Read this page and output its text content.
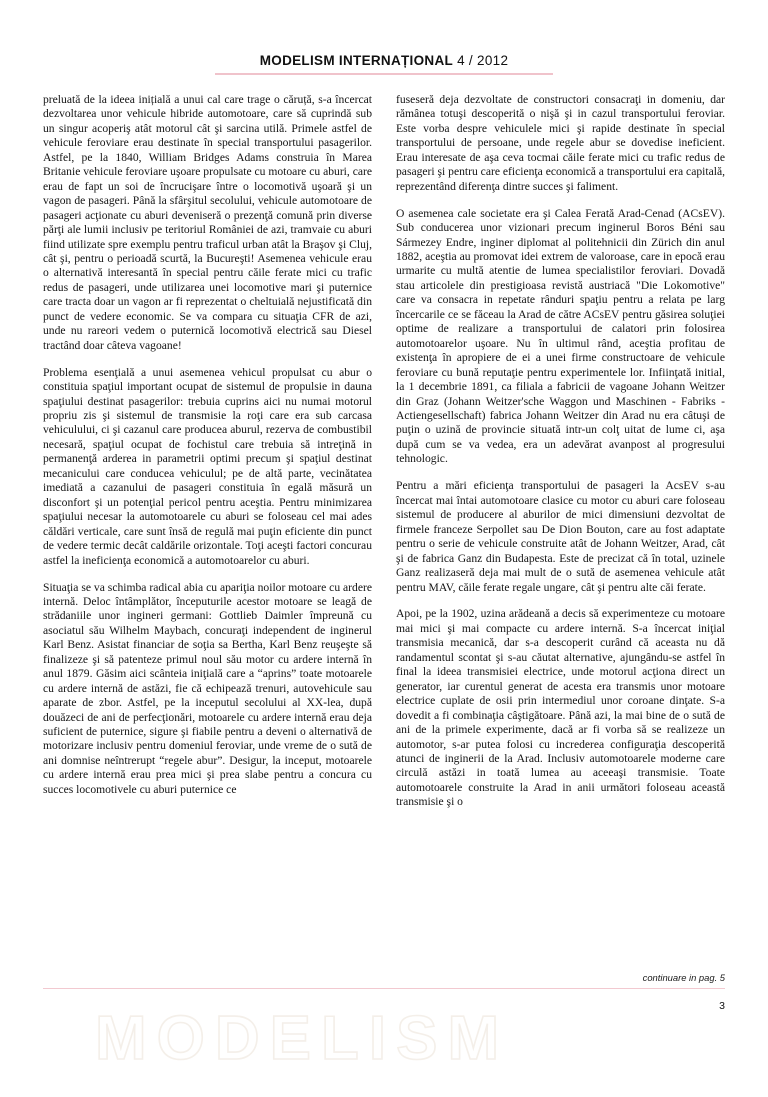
MODELISM
MODELISM INTERNAȚIONAL 4 / 2012

preluată de la ideea inițială a unui cal care trage o căruță, s-a încercat dezvoltarea unor vehicule hibride automotoare, care să cuprindă sub un singur acoperiş atât motorul cât şi sarcina utilă. Primele astfel de vehicule feroviare erau destinate în special transportului pasagerilor. Astfel, pe la 1840, William Bridges Adams construia în Marea Britanie vehicule feroviare uşoare propulsate cu motoare cu aburi, care erau de fapt un soi de încrucişare între o locomotivă uşoară şi un vagon de pasageri. Până la sfârşitul secolului, vehicule automotoare de pasageri acţionate cu aburi deveniseră o prezenţă comună prin diverse părţi ale lumii inclusiv pe teritoriul României de azi, tramvaie cu aburi fiind utilizate spre exemplu pentru traficul urban atât la Braşov şi Cluj, cât şi, pentru o perioadă scurtă, la Bucureşti! Asemenea vehicule erau o alternativă interesantă în special pentru căile ferate mici cu trafic redus de pasageri, unde utilizarea unei locomotive mari şi puternice care tracta doar un vagon ar fi reprezentat o cheltuială nejustificată din punct de vedere economic. Se va compara cu situaţia CFR de azi, unde nu rareori vedem o puternică locomotivă electrică sau Diesel tractând doar câteva vagoane!

Problema esenţială a unui asemenea vehicul propulsat cu abur o constituia spaţiul important ocupat de sistemul de propulsie in dauna spaţiului destinat pasagerilor: trebuia cuprins aici nu numai motorul propriu zis şi sistemul de transmisie la roţi care era sub carcasa vehiculului, ci şi cazanul care producea aburul, rezerva de combustibil necesară, spaţiul ocupat de fochistul care trebuia să intreţină in permanenţă arderea in parametrii optimi precum şi spaţiul destinat mecanicului care conducea vehiculul; pe de altă parte, vecinătatea imediată a cazanului de pasageri constituia în egală măsură un disconfort şi un potenţial pericol pentru aceştia. Pentru minimizarea spaţiului necesar la automotoarele cu aburi se foloseau cel mai ades căldări verticale, care sunt însă de regulă mai puţin eficiente din punct de vedere termic decât caldările orizontale. Toţi aceşti factori concurau astfel la ineficienţa economică a automotoarelor cu aburi.

Situaţia se va schimba radical abia cu apariţia noilor motoare cu ardere internă. Deloc întâmplător, începuturile acestor motoare se leagă de strădaniile unor ingineri germani: Gottlieb Daimler împreună cu asociatul său Wilhelm Maybach, concuraţi independent de inginerul Karl Benz. Asistat financiar de soţia sa Bertha, Karl Benz reuşeşte să finalizeze şi să patenteze primul noul său motor cu ardere internă în anul 1879. Găsim aici scânteia iniţială care a “aprins” toate motoarele cu ardere internă de astăzi, fie că echipează trenuri, autovehicule sau aparate de zbor. Astfel, pe la inceputul secolului al XX-lea, după douăzeci de ani de perfecţionări, motoarele cu ardere internă erau deja suficient de puternice, sigure şi fiabile pentru a deveni o alternativă de motorizare inclusiv pentru domeniul feroviar, unde vreme de o sută de ani domnise neîntrerupt “regele abur”. Desigur, la inceput, motoarele cu ardere internă erau prea mici şi prea slabe pentru a concura cu succes locomotivele cu aburi puternice ce

fuseseră deja dezvoltate de constructori consacraţi in domeniu, dar rămânea totuşi descoperită o nişă şi in cazul transportului feroviar. Este vorba despre vehiculele mici şi rapide destinate în special transportului de persoane, unde regele abur se dovedise ineficient. Erau interesate de aşa ceva tocmai căile ferate mici cu trafic redus de pasageri şi pentru care eficienţa economică a transportului era capitală, reprezentând diferenţa dintre succes şi faliment.

O asemenea cale societate era şi Calea Ferată Arad-Cenad (ACsEV). Sub conducerea unor vizionari precum inginerul Boros Béni sau Sármezey Endre, inginer diplomat al politehnicii din Zürich din anul 1882, aceştia au promovat idei extrem de valoroase, care in epocă erau urmarite cu multă atentie de lumea specialistilor feroviari. Dovadă stau articolele din prestigioasa revistă austriacă "Die Lokomotive" care va consacra in repetate rânduri spaţiu pentru a relata pe larg încercarile ce se făceau la Arad de către ACsEV pentru găsirea soluţiei optime de realizare a transportului de calatori prin folosirea automotoarelor uşoare. Nu în ultimul rând, aceştia profitau de existenţa în apropiere de ei a unei firme constructoare de vehicule feroviare cu bună reputaţie pentru experimentele lor. Infiinţată initial, la 1 decembrie 1891, ca filiala a fabricii de vagoane Johann Weitzer din Graz (Johann Weitzer'sche Waggon und Maschinen - Fabriks - Actiengesellschaft) fabrica Johann Weitzer din Arad nu era câtuşi de puţin o uzină de provincie situată intr-un colţ uitat de lume ci, aşa după cum se va vedea, era un adevărat avanpost al progresului tehnologic.

Pentru a mări eficienţa transportului de pasageri la AcsEV s-au încercat mai întai automotoare clasice cu motor cu aburi care foloseau sistemul de producere al aburilor de mici dimensiuni dezvoltat de firmele franceze Serpollet sau De Dion Bouton, care au fost adaptate pentru o serie de vehicule construite atât de Johann Weitzer, Arad, cât şi de fabrica Ganz din Budapesta. Este de precizat că în total, uzinele Ganz realizaseră deja mai mult de o sută de asemenea vehicule atât pentru MAV, căile ferate regale ungare, cât şi pentru alte căi ferate.

Apoi, pe la 1902, uzina arădeană a decis să experimenteze cu motoare mai mici şi mai compacte cu ardere internă. S-a încercat iniţial transmisia mecanică, dar s-a descoperit curând că aceasta nu dă randamentul scontat şi s-au căutat alternative, ajungându-se astfel în final la ideea transmisiei electrice, unde motorul acţiona direct un generator, iar curentul generat de acesta era transmis unor motoare electrice cuplate de osii prin intermediul unor coroane dinţate. S-a dovedit a fi combinaţia câştigătoare. Până azi, la mai bine de o sută de ani de la primele experimente, dacă ar fi vorba să se realizeze un automotor, s-ar putea folosi cu increderea configuraţia descoperită atunci de inginerii de la Arad. Inclusiv automotoarele moderne care circulă astăzi in toată lumea au aceeaşi transmisie. Toate automotoarele construite la Arad in anii următori foloseau această transmisie şi o

continuare in pag. 5
3
